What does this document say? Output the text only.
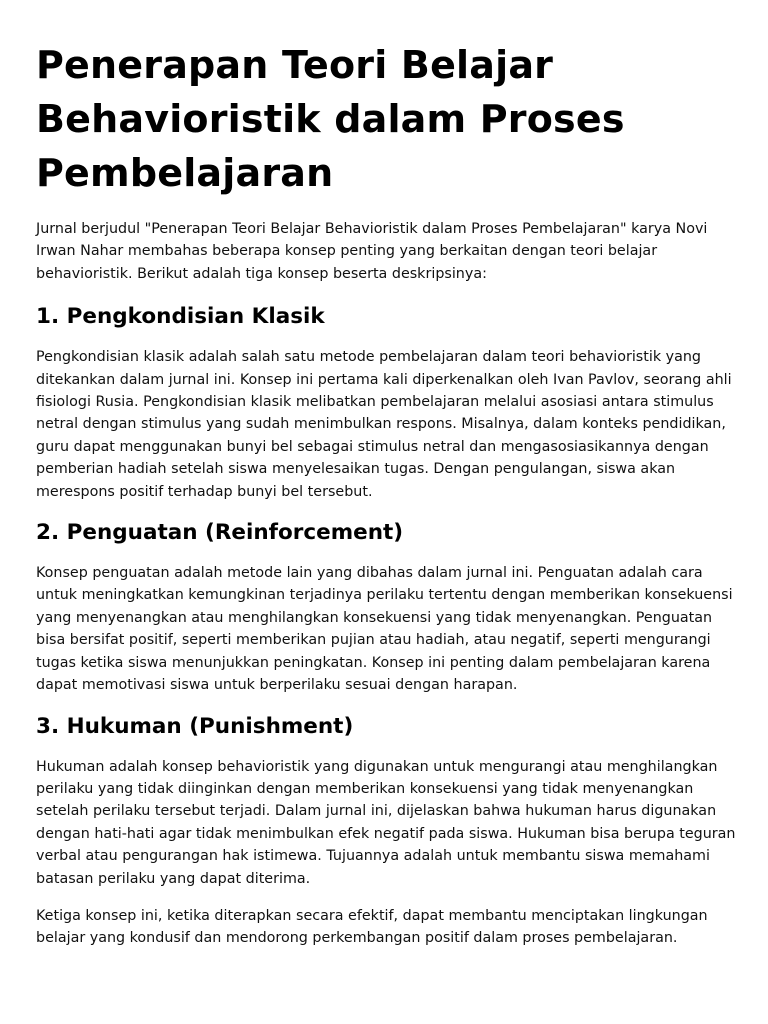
Penerapan Teori Belajar Behavioristik dalam Proses Pembelajaran

Jurnal berjudul "Penerapan Teori Belajar Behavioristik dalam Proses Pembelajaran" karya Novi Irwan Nahar membahas beberapa konsep penting yang berkaitan dengan teori belajar behavioristik. Berikut adalah tiga konsep beserta deskripsinya:

1. Pengkondisian Klasik

Pengkondisian klasik adalah salah satu metode pembelajaran dalam teori behavioristik yang ditekankan dalam jurnal ini. Konsep ini pertama kali diperkenalkan oleh Ivan Pavlov, seorang ahli fisiologi Rusia. Pengkondisian klasik melibatkan pembelajaran melalui asosiasi antara stimulus netral dengan stimulus yang sudah menimbulkan respons. Misalnya, dalam konteks pendidikan, guru dapat menggunakan bunyi bel sebagai stimulus netral dan mengasosiasikannya dengan pemberian hadiah setelah siswa menyelesaikan tugas. Dengan pengulangan, siswa akan merespons positif terhadap bunyi bel tersebut.

2. Penguatan (Reinforcement)

Konsep penguatan adalah metode lain yang dibahas dalam jurnal ini. Penguatan adalah cara untuk meningkatkan kemungkinan terjadinya perilaku tertentu dengan memberikan konsekuensi yang menyenangkan atau menghilangkan konsekuensi yang tidak menyenangkan. Penguatan bisa bersifat positif, seperti memberikan pujian atau hadiah, atau negatif, seperti mengurangi tugas ketika siswa menunjukkan peningkatan. Konsep ini penting dalam pembelajaran karena dapat memotivasi siswa untuk berperilaku sesuai dengan harapan.

3. Hukuman (Punishment)

Hukuman adalah konsep behavioristik yang digunakan untuk mengurangi atau menghilangkan perilaku yang tidak diinginkan dengan memberikan konsekuensi yang tidak menyenangkan setelah perilaku tersebut terjadi. Dalam jurnal ini, dijelaskan bahwa hukuman harus digunakan dengan hati-hati agar tidak menimbulkan efek negatif pada siswa. Hukuman bisa berupa teguran verbal atau pengurangan hak istimewa. Tujuannya adalah untuk membantu siswa memahami batasan perilaku yang dapat diterima.

Ketiga konsep ini, ketika diterapkan secara efektif, dapat membantu menciptakan lingkungan belajar yang kondusif dan mendorong perkembangan positif dalam proses pembelajaran.
